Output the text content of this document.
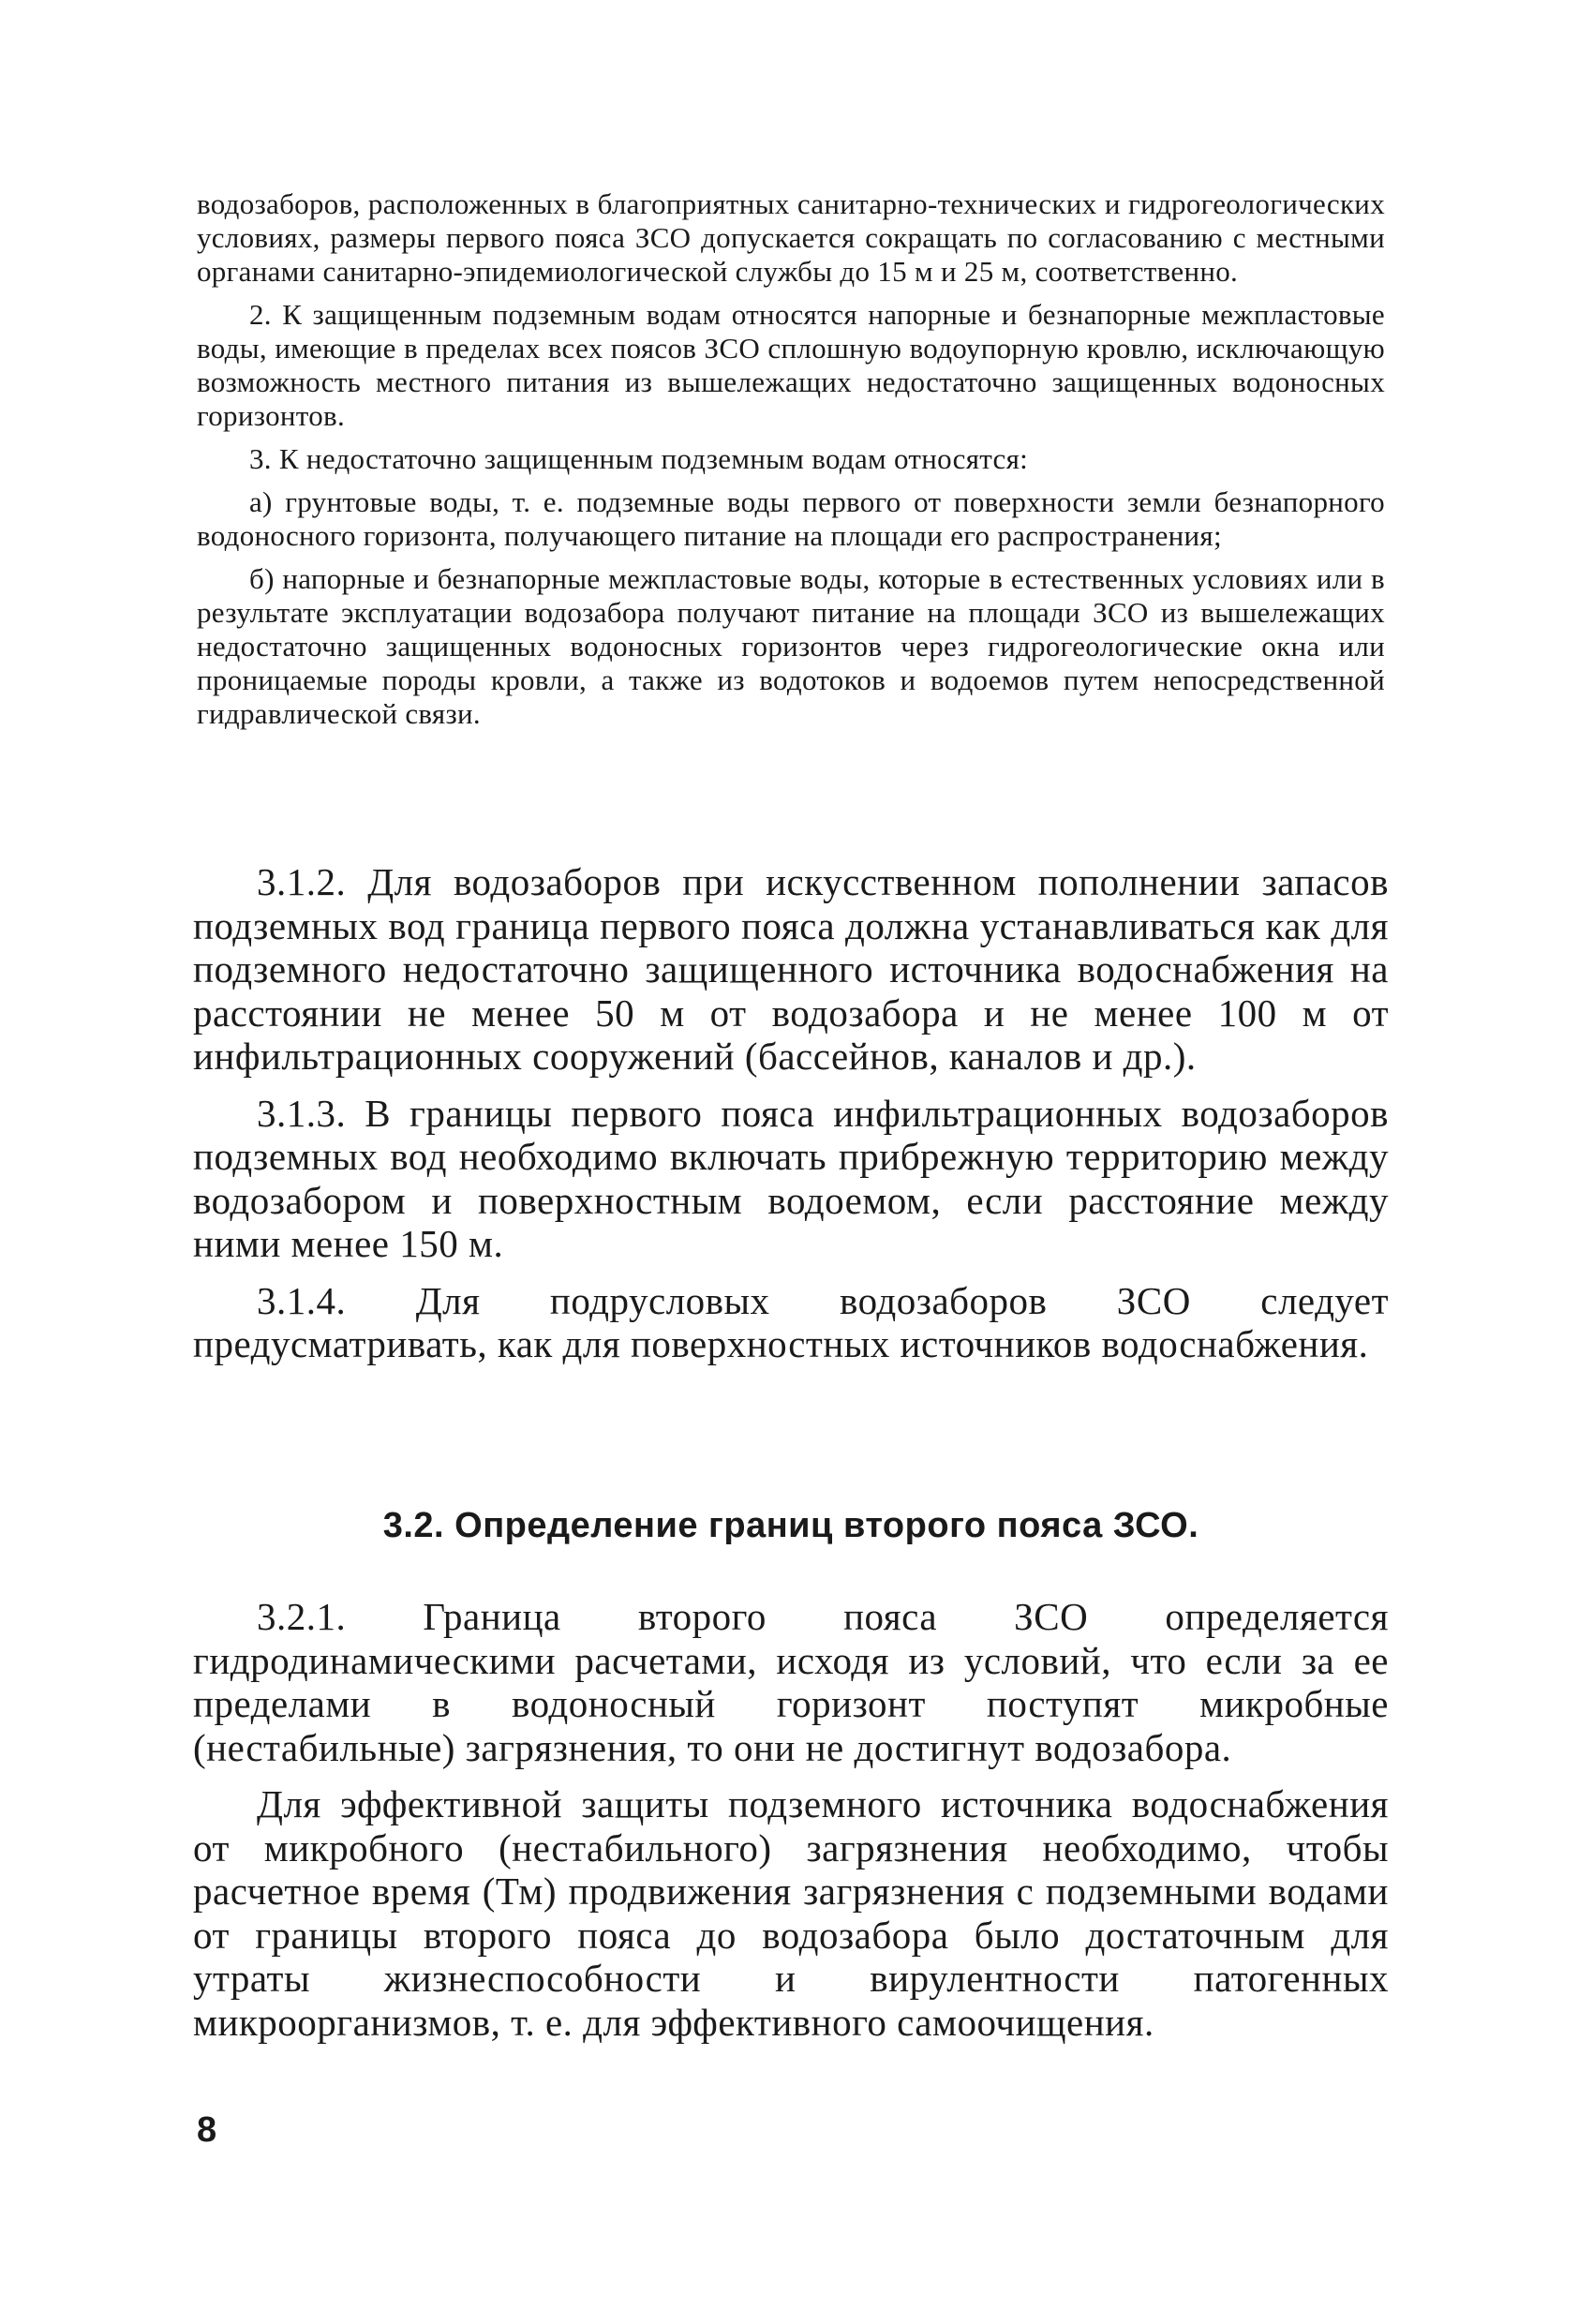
водозаборов, расположенных в благоприятных санитарно-технических и гидрогеологических условиях, размеры первого пояса ЗСО допускается сокращать по согласованию с местными органами санитарно-эпидемиологической службы до 15 м и 25 м, соответственно.

2. К защищенным подземным водам относятся напорные и безнапорные межпластовые воды, имеющие в пределах всех поясов ЗСО сплошную водоупорную кровлю, исключающую возможность местного питания из вышележащих недостаточно защищенных водоносных горизонтов.

3. К недостаточно защищенным подземным водам относятся:

а) грунтовые воды, т. е. подземные воды первого от поверхности земли безнапорного водоносного горизонта, получающего питание на площади его распространения;

б) напорные и безнапорные межпластовые воды, которые в естественных условиях или в результате эксплуатации водозабора получают питание на площади ЗСО из вышележащих недостаточно защищенных водоносных горизонтов через гидрогеологические окна или проницаемые породы кровли, а также из водотоков и водоемов путем непосредственной гидравлической связи.

3.1.2. Для водозаборов при искусственном пополнении запасов подземных вод граница первого пояса должна устанавливаться как для подземного недостаточно защищенного источника водоснабжения на расстоянии не менее 50 м от водозабора и не менее 100 м от инфильтрационных сооружений (бассейнов, каналов и др.).

3.1.3. В границы первого пояса инфильтрационных водозаборов подземных вод необходимо включать прибрежную территорию между водозабором и поверхностным водоемом, если расстояние между ними менее 150 м.

3.1.4. Для подрусловых водозаборов ЗСО следует предусматривать, как для поверхностных источников водоснабжения.

3.2. Определение границ второго пояса ЗСО.

3.2.1. Граница второго пояса ЗСО определяется гидродинамическими расчетами, исходя из условий, что если за ее пределами в водоносный горизонт поступят микробные (нестабильные) загрязнения, то они не достигнут водозабора.

Для эффективной защиты подземного источника водоснабжения от микробного (нестабильного) загрязнения необходимо, чтобы расчетное время (Тм) продвижения загрязнения с подземными водами от границы второго пояса до водозабора было достаточным для утраты жизнеспособности и вирулентности патогенных микроорганизмов, т. е. для эффективного самоочищения.

8
